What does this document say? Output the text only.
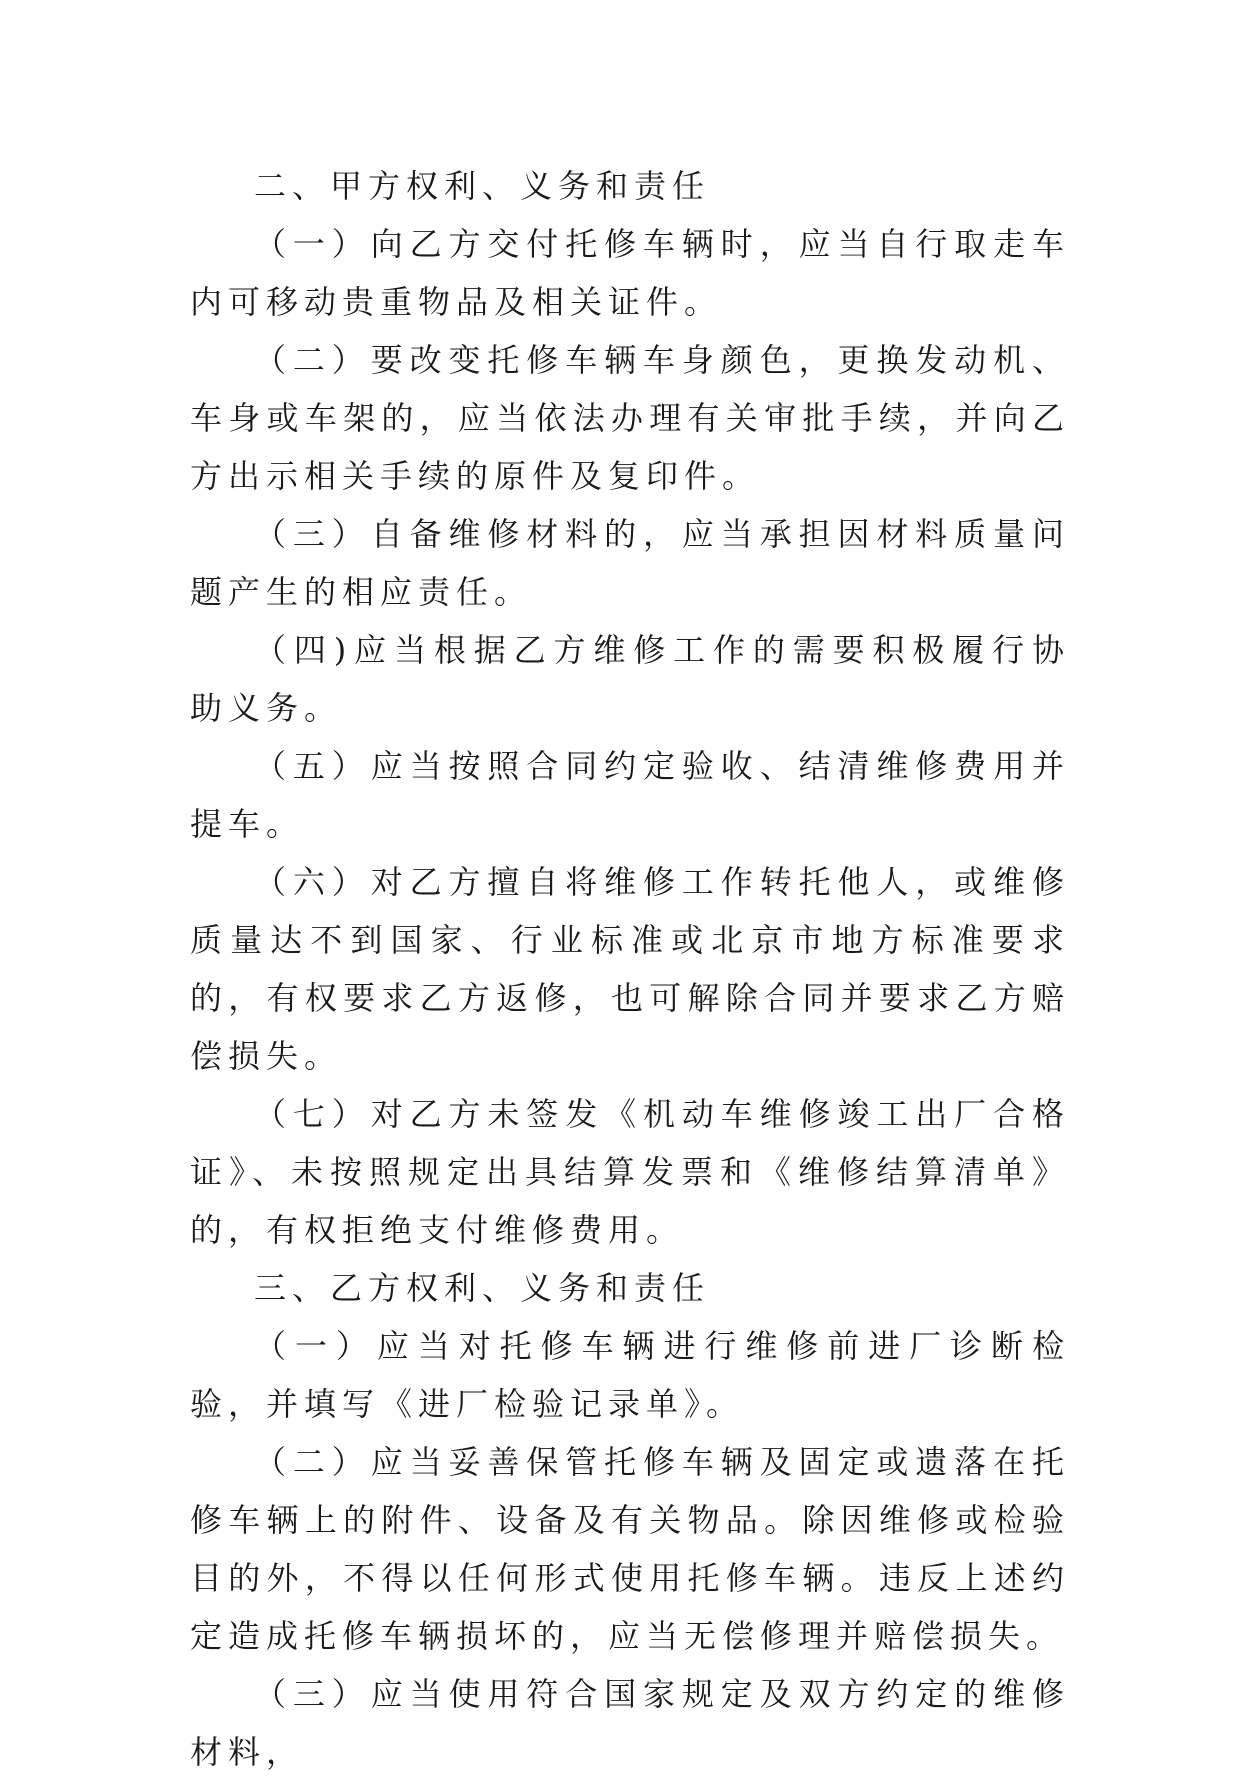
二、甲方权利、义务和责任

（一）向乙方交付托修车辆时，应当自行取走车内可移动贵重物品及相关证件。

（二）要改变托修车辆车身颜色，更换发动机、车身或车架的，应当依法办理有关审批手续，并向乙方出示相关手续的原件及复印件。

（三）自备维修材料的，应当承担因材料质量问题产生的相应责任。

（四)应当根据乙方维修工作的需要积极履行协助义务。

（五）应当按照合同约定验收、结清维修费用并提车。

（六）对乙方擅自将维修工作转托他人，或维修质量达不到国家、行业标准或北京市地方标准要求的，有权要求乙方返修，也可解除合同并要求乙方赔偿损失。

（七）对乙方未签发《机动车维修竣工出厂合格证》、未按照规定出具结算发票和《维修结算清单》的，有权拒绝支付维修费用。

三、乙方权利、义务和责任

（一）应当对托修车辆进行维修前进厂诊断检验，并填写《进厂检验记录单》。

（二）应当妥善保管托修车辆及固定或遗落在托修车辆上的附件、设备及有关物品。除因维修或检验目的外，不得以任何形式使用托修车辆。违反上述约定造成托修车辆损坏的，应当无偿修理并赔偿损失。

（三）应当使用符合国家规定及双方约定的维修材料，
